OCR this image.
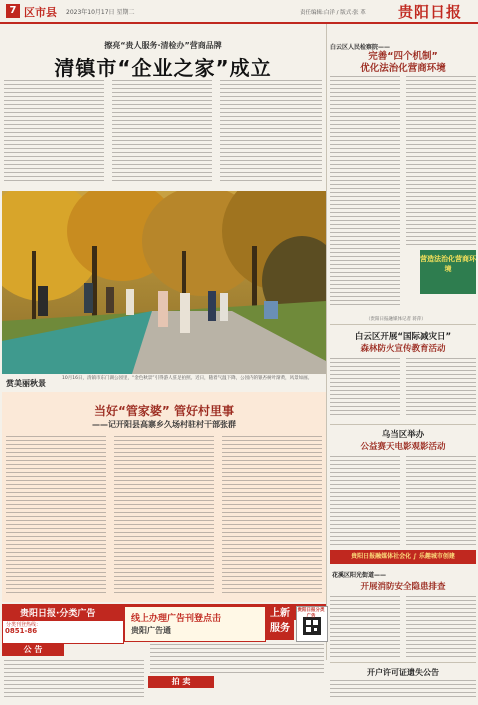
7 区市县 2023年10月17日 星期二	责任编辑:白洋 / 版式:张 革 贵阳日报
擦亮“贵人服务·清检办”营商品牌
清镇市“企业之家”成立
赏美丽秋景
10月16日，清镇市东门湖公园里，“金色秋景”引得游人驻足拍照。近日，随着气温下降，公园内的银杏树叶渐黄，风景如画。
当好“管家婆” 管好村里事
——记开阳县高寨乡久场村驻村干部张群
贵阳日报·分类广告
分类刊登热线：
0851-86
线上办理广告刊登点击
贵阳广告通
上新服务
贵阳日报分类广告
公 告
拍 卖
白云区人民检察院——
完善“四个机制”
优化法治化营商环境
营造法治化营商环境
（贵阳日报融媒体记者 蒋萍）
白云区开展“国际减灾日”
森林防火宣传教育活动
乌当区举办
公益赛天电影观影活动
贵阳日报融媒体社会化 ∫ 乐趣城市创建
花溪区阳光街道——
开展消防安全隐患排查
开户许可证遗失公告
